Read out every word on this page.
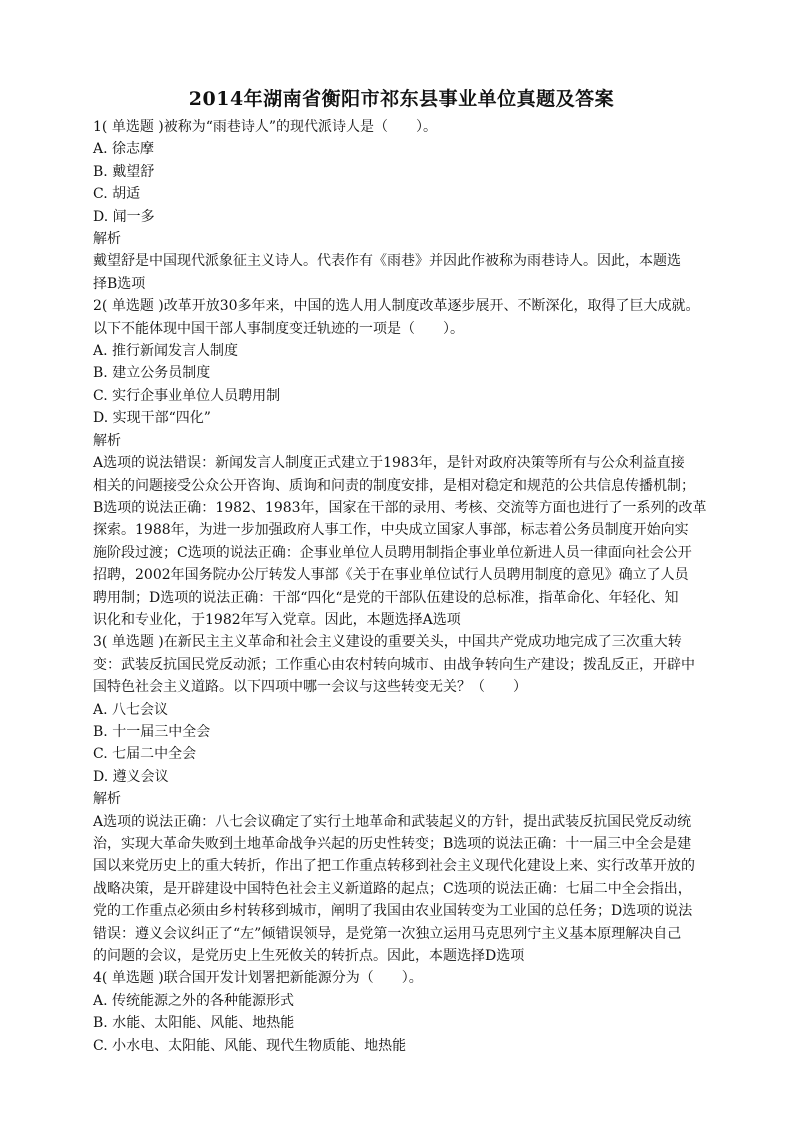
2014年湖南省衡阳市祁东县事业单位真题及答案
1( 单选题 )被称为“雨巷诗人”的现代派诗人是（　　）。
A. 徐志摩
B. 戴望舒
C. 胡适
D. 闻一多
解析
戴望舒是中国现代派象征主义诗人。代表作有《雨巷》并因此作被称为雨巷诗人。因此，本题选
择B选项
2( 单选题 )改革开放30多年来，中国的选人用人制度改革逐步展开、不断深化，取得了巨大成就。
以下不能体现中国干部人事制度变迁轨迹的一项是（　　）。
A. 推行新闻发言人制度
B. 建立公务员制度
C. 实行企事业单位人员聘用制
D. 实现干部“四化”
解析
A选项的说法错误：新闻发言人制度正式建立于1983年，是针对政府决策等所有与公众利益直接
相关的问题接受公众公开咨询、质询和问责的制度安排，是相对稳定和规范的公共信息传播机制；
B选项的说法正确：1982、1983年，国家在干部的录用、考核、交流等方面也进行了一系列的改革
探索。1988年，为进一步加强政府人事工作，中央成立国家人事部，标志着公务员制度开始向实
施阶段过渡；C选项的说法正确：企事业单位人员聘用制指企事业单位新进人员一律面向社会公开
招聘，2002年国务院办公厅转发人事部《关于在事业单位试行人员聘用制度的意见》确立了人员
聘用制；D选项的说法正确：干部“四化“是党的干部队伍建设的总标准，指革命化、年轻化、知
识化和专业化，于1982年写入党章。因此，本题选择A选项
3( 单选题 )在新民主主义革命和社会主义建设的重要关头，中国共产党成功地完成了三次重大转
变：武装反抗国民党反动派；工作重心由农村转向城市、由战争转向生产建设；拨乱反正，开辟中
国特色社会主义道路。以下四项中哪一会议与这些转变无关？（　　）
A. 八七会议
B. 十一届三中全会
C. 七届二中全会
D. 遵义会议
解析
A选项的说法正确：八七会议确定了实行土地革命和武装起义的方针，提出武装反抗国民党反动统
治，实现大革命失败到土地革命战争兴起的历史性转变；B选项的说法正确：十一届三中全会是建
国以来党历史上的重大转折，作出了把工作重点转移到社会主义现代化建设上来、实行改革开放的
战略决策，是开辟建设中国特色社会主义新道路的起点；C选项的说法正确：七届二中全会指出，
党的工作重点必须由乡村转移到城市，阐明了我国由农业国转变为工业国的总任务；D选项的说法
错误：遵义会议纠正了“左”倾错误领导，是党第一次独立运用马克思列宁主义基本原理解决自己
的问题的会议，是党历史上生死攸关的转折点。因此，本题选择D选项
4( 单选题 )联合国开发计划署把新能源分为（　　）。
A. 传统能源之外的各种能源形式
B. 水能、太阳能、风能、地热能
C. 小水电、太阳能、风能、现代生物质能、地热能
